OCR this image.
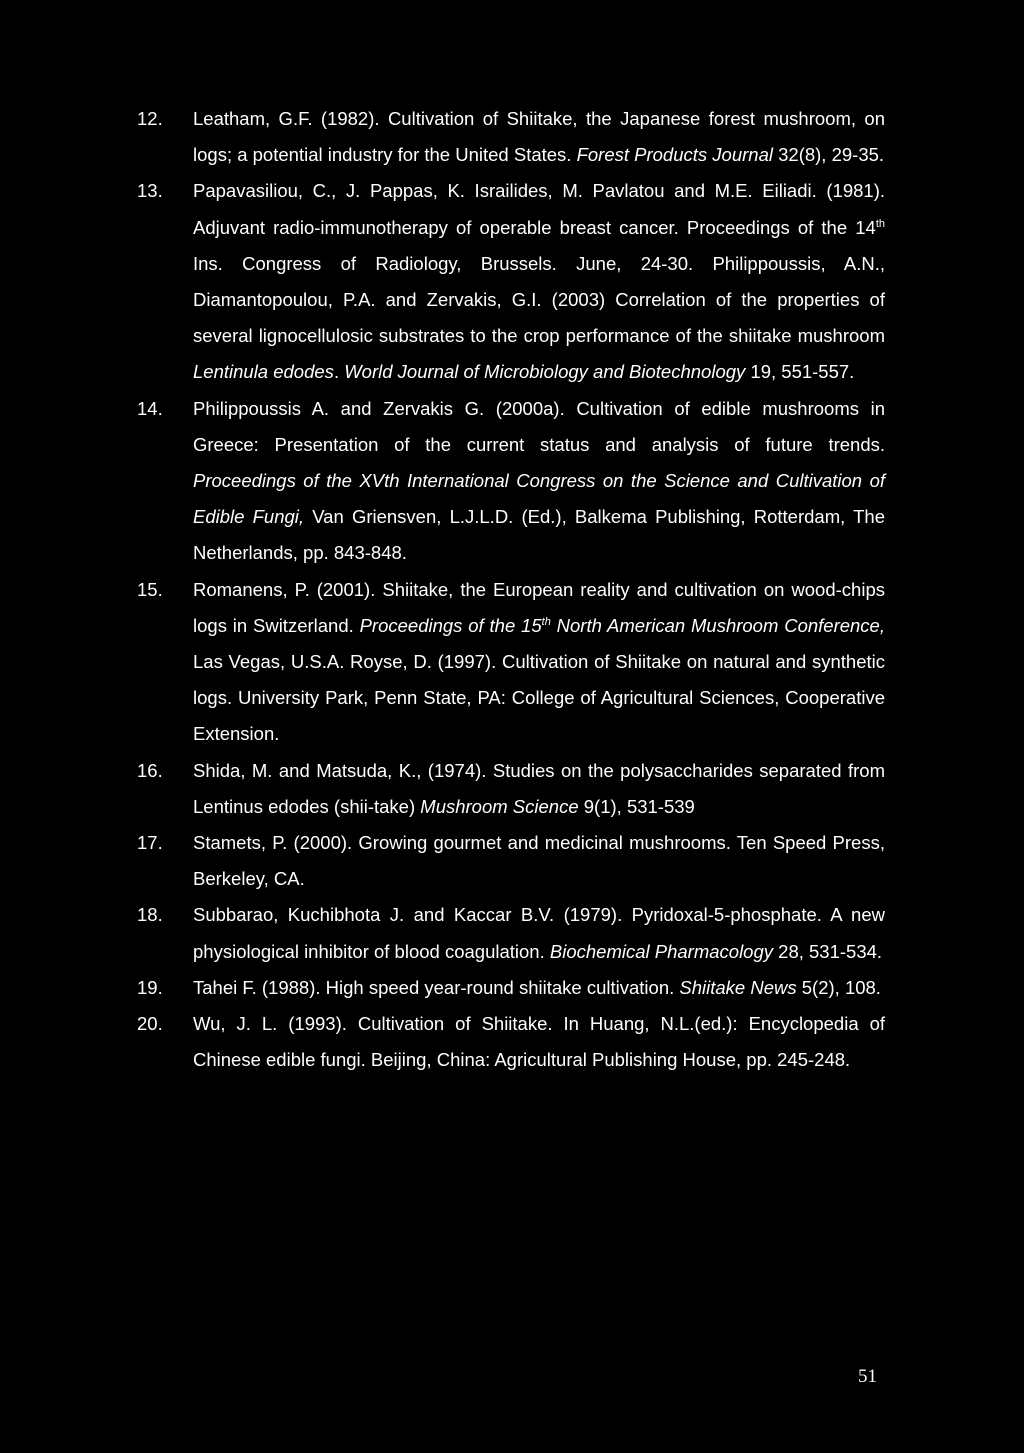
12.	Leatham, G.F. (1982). Cultivation of Shiitake, the Japanese forest mushroom, on logs; a potential industry for the United States. Forest Products Journal 32(8), 29-35.
13.	Papavasiliou, C., J. Pappas, K. Israilides, M. Pavlatou and M.E. Eiliadi. (1981). Adjuvant radio-immunotherapy of operable breast cancer. Proceedings of the 14th Ins. Congress of Radiology, Brussels. June, 24-30. Philippoussis, A.N., Diamantopoulou, P.A. and Zervakis, G.I. (2003) Correlation of the properties of several lignocellulosic substrates to the crop performance of the shiitake mushroom Lentinula edodes. World Journal of Microbiology and Biotechnology 19, 551-557.
14.	Philippoussis A. and Zervakis G. (2000a). Cultivation of edible mushrooms in Greece: Presentation of the current status and analysis of future trends. Proceedings of the XVth International Congress on the Science and Cultivation of Edible Fungi, Van Griensven, L.J.L.D. (Ed.), Balkema Publishing, Rotterdam, The Netherlands, pp. 843-848.
15.	Romanens, P. (2001). Shiitake, the European reality and cultivation on wood-chips logs in Switzerland. Proceedings of the 15th North American Mushroom Conference, Las Vegas, U.S.A. Royse, D. (1997). Cultivation of Shiitake on natural and synthetic logs. University Park, Penn State, PA: College of Agricultural Sciences, Cooperative Extension.
16.	Shida, M. and Matsuda, K., (1974). Studies on the polysaccharides separated from Lentinus edodes (shii-take) Mushroom Science 9(1), 531-539
17.	Stamets, P. (2000). Growing gourmet and medicinal mushrooms. Ten Speed Press, Berkeley, CA.
18.	Subbarao, Kuchibhota J. and Kaccar B.V. (1979). Pyridoxal-5-phosphate. A new physiological inhibitor of blood coagulation. Biochemical Pharmacology 28, 531-534.
19.	Tahei F. (1988). High speed year-round shiitake cultivation. Shiitake News 5(2), 108.
20.	Wu, J. L. (1993). Cultivation of Shiitake. In Huang, N.L.(ed.): Encyclopedia of Chinese edible fungi. Beijing, China: Agricultural Publishing House, pp. 245-248.
51
